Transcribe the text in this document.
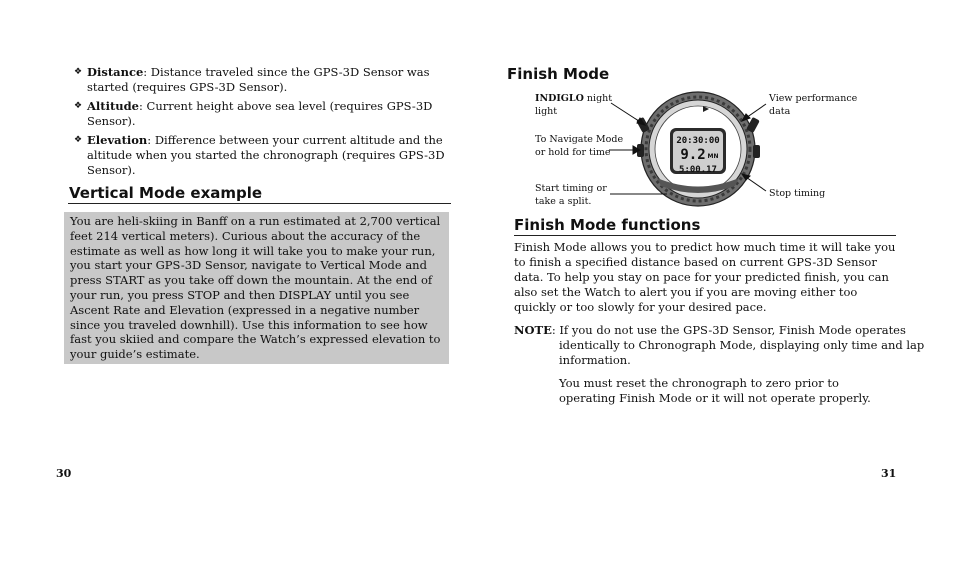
❖ Distance: Distance traveled since the GPS-3D Sensor was started (requires GPS-3D Sensor).
❖ Altitude: Current height above sea level (requires GPS-3D Sensor).
❖ Elevation: Difference between your current altitude and the altitude when you started the chronograph (requires GPS-3D Sensor).
Vertical Mode example
You are heli-skiing in Banff on a run estimated at 2,700 vertical feet 214 vertical meters). Curious about the accuracy of the estimate as well as how long it will take you to make your run, you start your GPS-3D Sensor, navigate to Vertical Mode and press START as you take off down the mountain. At the end of your run, you press STOP and then DISPLAY until you see Ascent Rate and Elevation (expressed in a negative number since you traveled downhill). Use this information to see how fast you skiied and compare the Watch’s expressed elevation to your guide’s estimate.
30
Finish Mode
20:30:00
9.2 MN
5:00.17
INDIGLO night light
To Navigate Mode or hold for time
Start timing or take a split.
View performance data
Stop timing
Finish Mode functions

Finish Mode allows you to predict how much time it will take you to finish a specified distance based on current GPS-3D Sensor data. To help you stay on pace for your predicted finish, you can also set the Watch to alert you if you are moving either too quickly or too slowly for your desired pace.

NOTE: If you do not use the GPS-3D Sensor, Finish Mode operates identically to Chronograph Mode, displaying only time and lap information.

You must reset the chronograph to zero prior to operating Finish Mode or it will not operate properly.

31
